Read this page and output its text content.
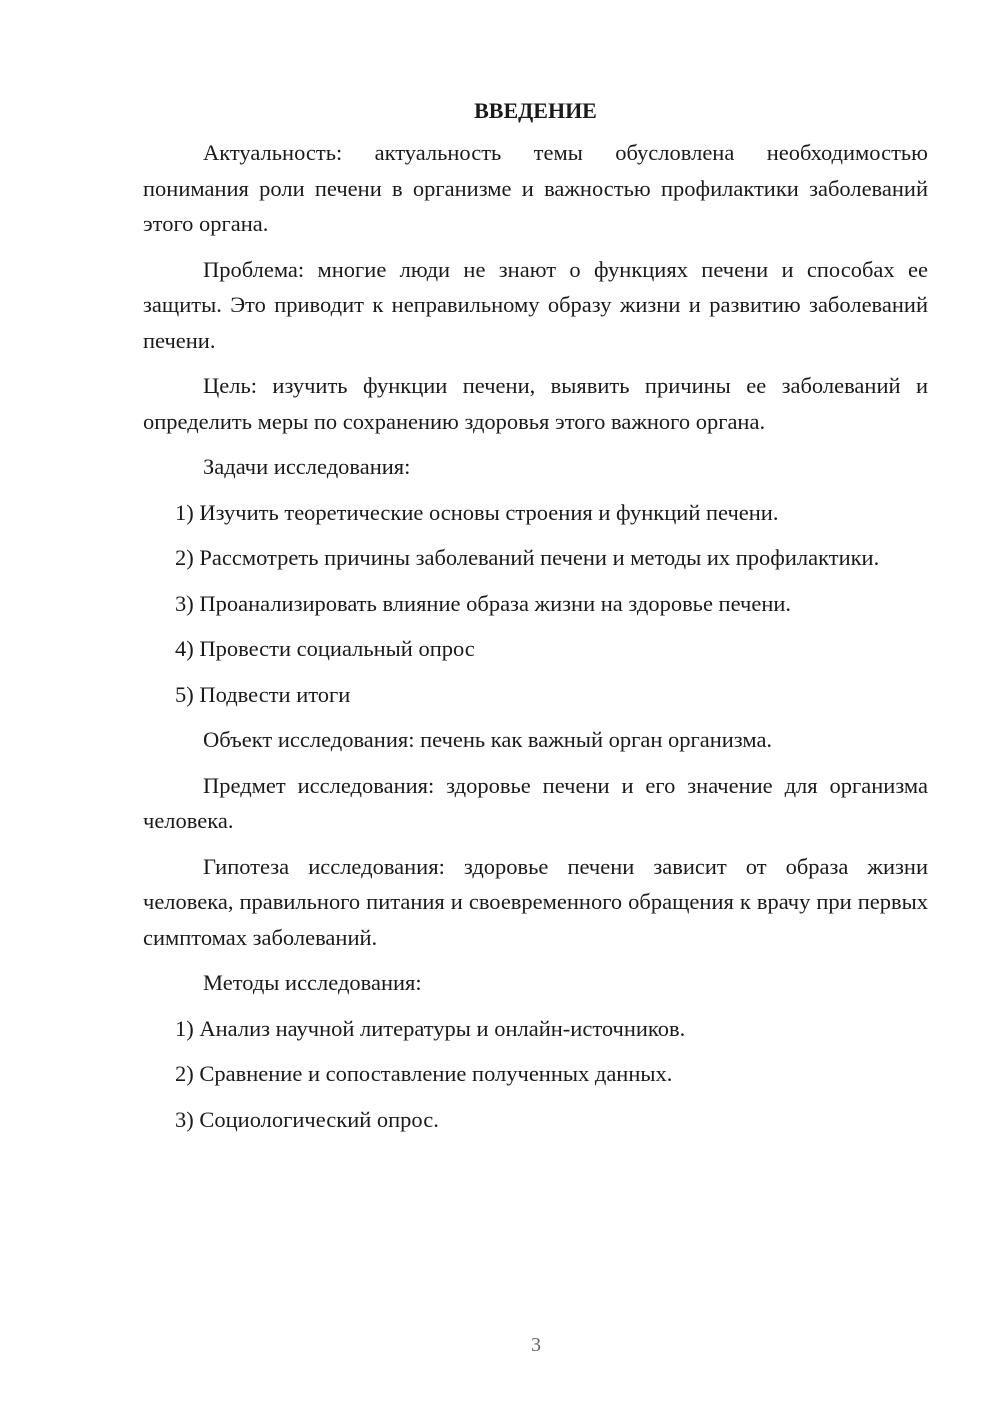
ВВЕДЕНИЕ

Актуальность: актуальность темы обусловлена необходимостью понимания роли печени в организме и важностью профилактики заболеваний этого органа.

Проблема: многие люди не знают о функциях печени и способах ее защиты. Это приводит к неправильному образу жизни и развитию заболеваний печени.

Цель: изучить функции печени, выявить причины ее заболеваний и определить меры по сохранению здоровья этого важного органа.

Задачи исследования:

1) Изучить теоретические основы строения и функций печени.

2) Рассмотреть причины заболеваний печени и методы их профилактики.

3) Проанализировать влияние образа жизни на здоровье печени.

4) Провести социальный опрос

5) Подвести итоги

Объект исследования: печень как важный орган организма.

Предмет исследования: здоровье печени и его значение для организма человека.

Гипотеза исследования: здоровье печени зависит от образа жизни человека, правильного питания и своевременного обращения к врачу при первых симптомах заболеваний.

Методы исследования:

1) Анализ научной литературы и онлайн-источников.

2) Сравнение и сопоставление полученных данных.

3) Социологический опрос.

3
